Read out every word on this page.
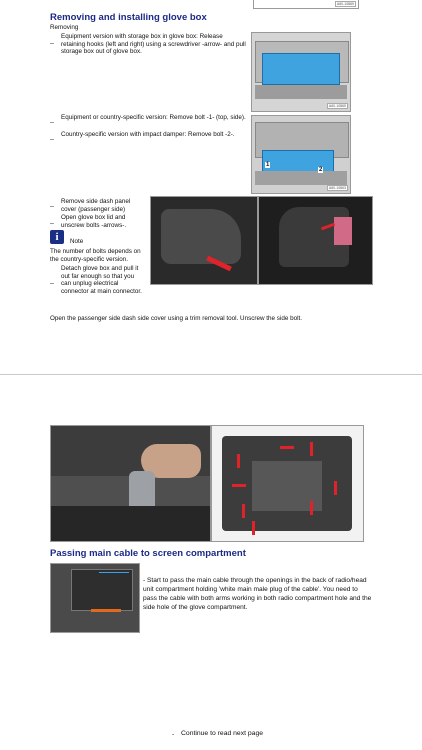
A60-10869
Removing and installing glove box
Removing
–
Equipment version with storage box in glove box: Release retaining hooks (left and right) using a screwdriver -arrow- and pull storage box out of glove box.
A60-10865
–
Equipment or country-specific version: Remove bolt -1- (top, side).
–
Country-specific version with impact damper: Remove bolt -2-.
1
2
A60-10863
–
Remove side dash panel cover (passenger side)
–
Open glove box lid and unscrew bolts -arrows-.
i	Note
The number of bolts depends on the country-specific version.
–
Detach glove box and pull it out far enough so that you can unplug electrical connector at main connector.
Open the passenger side dash side cover using a trim removal tool. Unscrew the side bolt.
Passing main cable to screen compartment
- Start to pass the main cable through the openings in the back of radio/head unit compartment holding 'white main male plug of the cable'. You need to pass the cable with both arms working in both radio compartment hole and the side hole of the glove compartment.
- Continue to read next page
